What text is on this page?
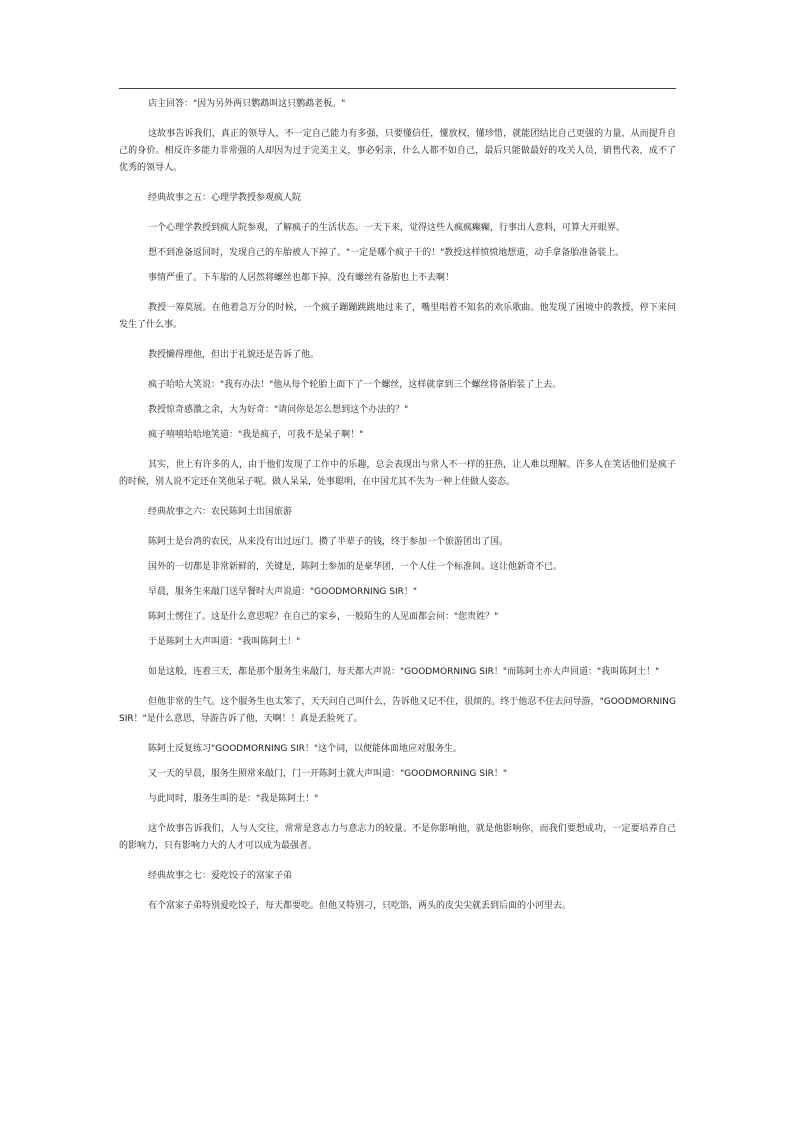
店主回答："因为另外两只鹦鹉叫这只鹦鹉老板。"

这故事告诉我们，真正的领导人，不一定自己能力有多强，只要懂信任，懂放权，懂珍惜，就能团结比自己更强的力量，从而提升自己的身价。相反许多能力非常强的人却因为过于完美主义，事必躬亲，什么人都不如自己，最后只能做最好的攻关人员，销售代表，成不了优秀的领导人。

经典故事之五：心理学教授参观疯人院

一个心理学教授到疯人院参观，了解疯子的生活状态。一天下来，觉得这些人疯疯癫癫，行事出人意料，可算大开眼界。

想不到准备返回时，发现自己的车胎被人下掉了。"一定是哪个疯子干的！"教授这样愤愤地想道，动手拿备胎准备装上。

事情严重了。下车胎的人居然将螺丝也都下掉。没有螺丝有备胎也上不去啊！

教授一筹莫展。在他着急万分的时候，一个疯子蹦蹦跳跳地过来了，嘴里唱着不知名的欢乐歌曲。他发现了困境中的教授，停下来问发生了什么事。

教授懒得理他，但出于礼貌还是告诉了他。

疯子哈哈大笑说："我有办法！"他从每个轮胎上面下了一个螺丝，这样就拿到三个螺丝将备胎装了上去。

教授惊奇感激之余，大为好奇："请问你是怎么想到这个办法的？"

疯子嘻嘻哈哈地笑道："我是疯子，可我不是呆子啊！"

其实，世上有许多的人，由于他们发现了工作中的乐趣，总会表现出与常人不一样的狂热，让人难以理解。许多人在笑话他们是疯子的时候，别人说不定还在笑他呆子呢。做人呆呆，处事聪明，在中国尤其不失为一种上佳做人姿态。

经典故事之六：农民陈阿土出国旅游

陈阿土是台湾的农民，从来没有出过远门。攒了半辈子的钱，终于参加一个旅游团出了国。

国外的一切都是非常新鲜的，关键是，陈阿土参加的是豪华团，一个人住一个标准间。这让他新奇不已。

早晨，服务生来敲门送早餐时大声说道："GOODMORNING SIR！"

陈阿土愣住了。这是什么意思呢？在自己的家乡，一般陌生的人见面都会问："您贵姓？"

于是陈阿土大声叫道："我叫陈阿土！"

如是这般，连着三天，都是那个服务生来敲门，每天都大声说："GOODMORNING SIR！"而陈阿土亦大声回道："我叫陈阿土！"

但他非常的生气。这个服务生也太笨了，天天问自己叫什么，告诉他又记不住，很烦的。终于他忍不住去问导游，"GOODMORNING SIR！"是什么意思，导游告诉了他，天啊！！真是丢脸死了。

陈阿土反复练习"GOODMORNING SIR！"这个词，以便能体面地应对服务生。

又一天的早晨，服务生照常来敲门，门一开陈阿土就大声叫道："GOODMORNING SIR！"

与此同时，服务生叫的是："我是陈阿土！"

这个故事告诉我们，人与人交往，常常是意志力与意志力的较量。不是你影响他，就是他影响你，而我们要想成功，一定要培养自己的影响力，只有影响力大的人才可以成为最强者。

经典故事之七：爱吃饺子的富家子弟

有个富家子弟特别爱吃饺子，每天都要吃。但他又特别刁，只吃馅，两头的皮尖尖就丢到后面的小河里去。
